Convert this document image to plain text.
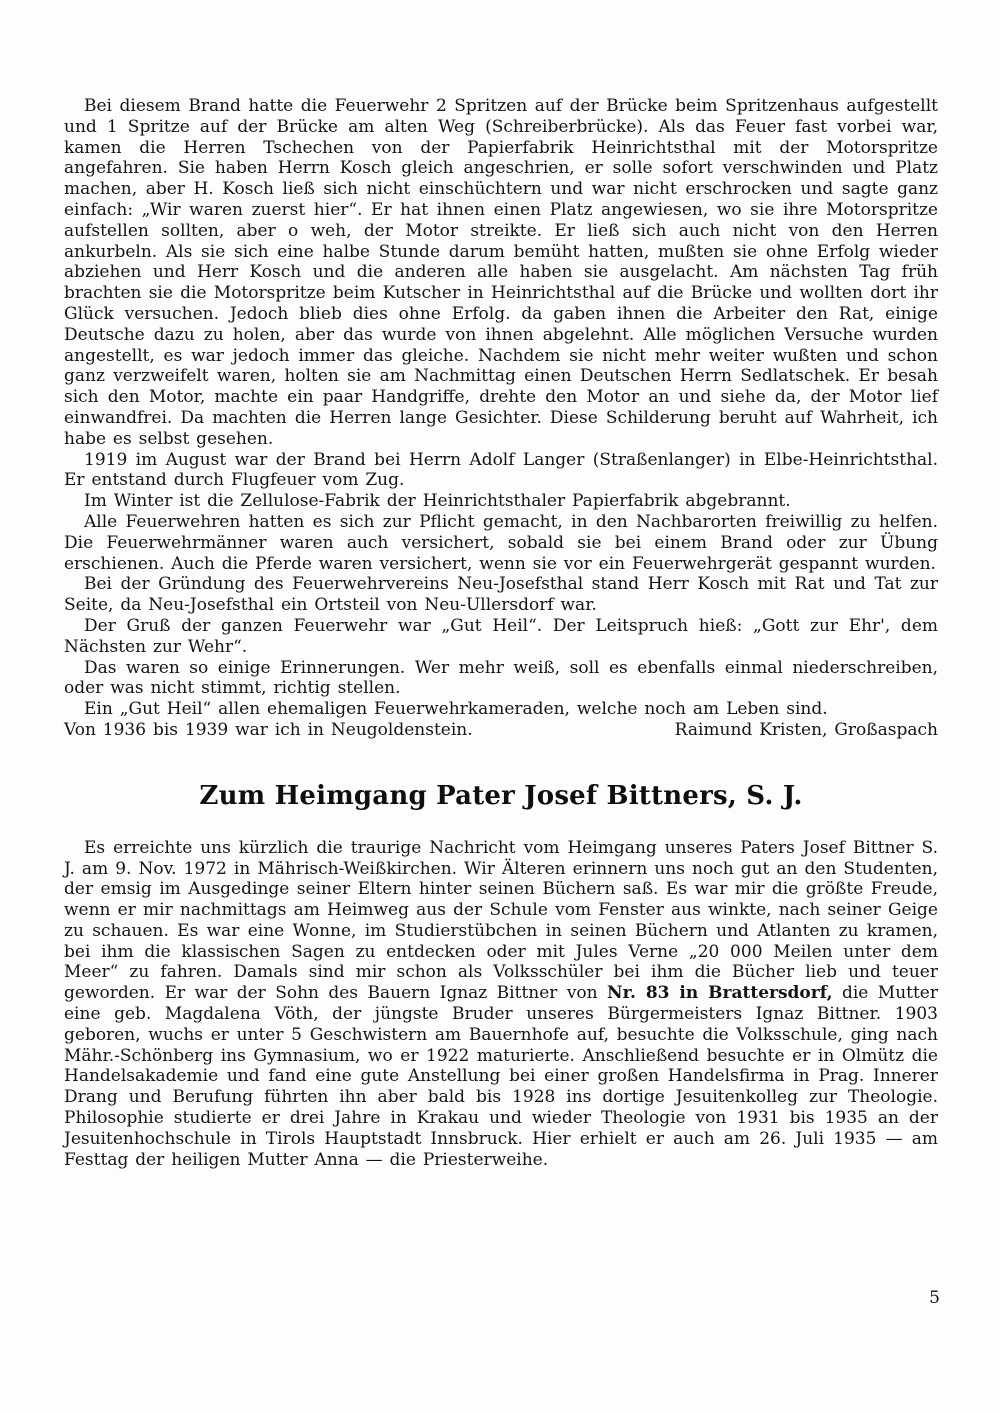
Bei diesem Brand hatte die Feuerwehr 2 Spritzen auf der Brücke beim Spritzenhaus aufgestellt und 1 Spritze auf der Brücke am alten Weg (Schreiberbrücke). Als das Feuer fast vorbei war, kamen die Herren Tschechen von der Papierfabrik Heinrichtsthal mit der Motorspritze angefahren. Sie haben Herrn Kosch gleich angeschrien, er solle sofort verschwinden und Platz machen, aber H. Kosch ließ sich nicht einschüchtern und war nicht erschrocken und sagte ganz einfach: „Wir waren zuerst hier“. Er hat ihnen einen Platz angewiesen, wo sie ihre Motorspritze aufstellen sollten, aber o weh, der Motor streikte. Er ließ sich auch nicht von den Herren ankurbeln. Als sie sich eine halbe Stunde darum bemüht hatten, mußten sie ohne Erfolg wieder abziehen und Herr Kosch und die anderen alle haben sie ausgelacht. Am nächsten Tag früh brachten sie die Motorspritze beim Kutscher in Heinrichtsthal auf die Brücke und wollten dort ihr Glück versuchen. Jedoch blieb dies ohne Erfolg. da gaben ihnen die Arbeiter den Rat, einige Deutsche dazu zu holen, aber das wurde von ihnen abgelehnt. Alle möglichen Versuche wurden angestellt, es war jedoch immer das gleiche. Nachdem sie nicht mehr weiter wußten und schon ganz verzweifelt waren, holten sie am Nachmittag einen Deutschen Herrn Sedlatschek. Er besah sich den Motor, machte ein paar Handgriffe, drehte den Motor an und siehe da, der Motor lief einwandfrei. Da machten die Herren lange Gesichter. Diese Schilderung beruht auf Wahrheit, ich habe es selbst gesehen.

1919 im August war der Brand bei Herrn Adolf Langer (Straßenlanger) in Elbe-Heinrichtsthal. Er entstand durch Flugfeuer vom Zug.

Im Winter ist die Zellulose-Fabrik der Heinrichtsthaler Papierfabrik abgebrannt.

Alle Feuerwehren hatten es sich zur Pflicht gemacht, in den Nachbarorten freiwillig zu helfen. Die Feuerwehrmänner waren auch versichert, sobald sie bei einem Brand oder zur Übung erschienen. Auch die Pferde waren versichert, wenn sie vor ein Feuerwehrgerät gespannt wurden.

Bei der Gründung des Feuerwehrvereins Neu-Josefsthal stand Herr Kosch mit Rat und Tat zur Seite, da Neu-Josefsthal ein Ortsteil von Neu-Ullersdorf war.

Der Gruß der ganzen Feuerwehr war „Gut Heil“. Der Leitspruch hieß: „Gott zur Ehr', dem Nächsten zur Wehr“.

Das waren so einige Erinnerungen. Wer mehr weiß, soll es ebenfalls einmal niederschreiben, oder was nicht stimmt, richtig stellen.

Ein „Gut Heil“ allen ehemaligen Feuerwehrkameraden, welche noch am Leben sind.

Raimund Kristen, Großaspach
Von 1936 bis 1939 war ich in Neugoldenstein.

Zum Heimgang Pater Josef Bittners, S. J.

Es erreichte uns kürzlich die traurige Nachricht vom Heimgang unseres Paters Josef Bittner S. J. am 9. Nov. 1972 in Mährisch-Weißkirchen. Wir Älteren erinnern uns noch gut an den Studenten, der emsig im Ausgedinge seiner Eltern hinter seinen Büchern saß. Es war mir die größte Freude, wenn er mir nachmittags am Heimweg aus der Schule vom Fenster aus winkte, nach seiner Geige zu schauen. Es war eine Wonne, im Studierstübchen in seinen Büchern und Atlanten zu kramen, bei ihm die klassischen Sagen zu entdecken oder mit Jules Verne „20 000 Meilen unter dem Meer“ zu fahren. Damals sind mir schon als Volksschüler bei ihm die Bücher lieb und teuer geworden. Er war der Sohn des Bauern Ignaz Bittner von Nr. 83 in Brattersdorf, die Mutter eine geb. Magdalena Vöth, der jüngste Bruder unseres Bürgermeisters Ignaz Bittner. 1903 geboren, wuchs er unter 5 Geschwistern am Bauernhofe auf, besuchte die Volksschule, ging nach Mähr.-Schönberg ins Gymnasium, wo er 1922 maturierte. Anschließend besuchte er in Olmütz die Handelsakademie und fand eine gute Anstellung bei einer großen Handelsfirma in Prag. Innerer Drang und Berufung führten ihn aber bald bis 1928 ins dortige Jesuitenkolleg zur Theologie. Philosophie studierte er drei Jahre in Krakau und wieder Theologie von 1931 bis 1935 an der Jesuitenhochschule in Tirols Hauptstadt Innsbruck. Hier erhielt er auch am 26. Juli 1935 — am Festtag der heiligen Mutter Anna — die Priesterweihe.

5
